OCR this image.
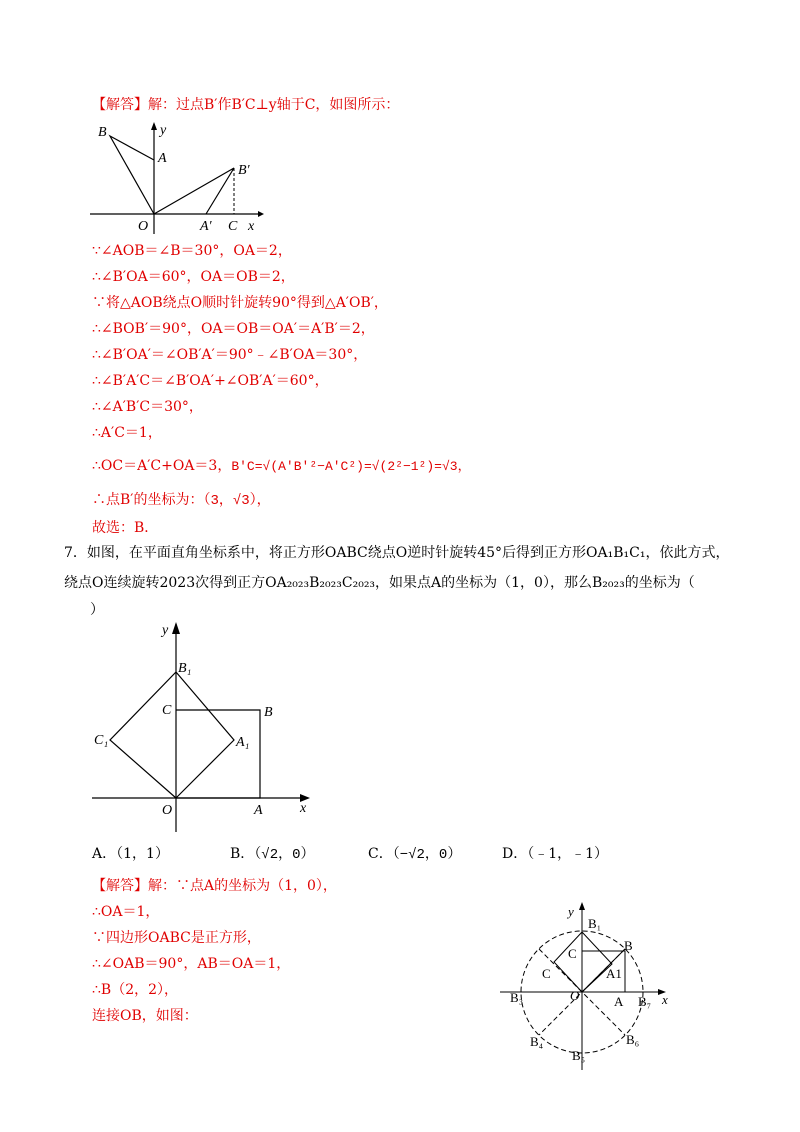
【解答】解：过点B′作B′C⊥y轴于C，如图所示：
B
A
y
B′
O	A′ C x
∵∠AOB＝∠B＝30°，OA＝2，
∴∠B′OA＝60°，OA＝OB＝2，
∵将△AOB绕点O顺时针旋转90°得到△A′OB′，
∴∠BOB′＝90°，OA＝OB＝OA′＝A′B′＝2，
∴∠B′OA′＝∠OB′A′＝90°﹣∠B′OA＝30°，
∴∠B′A′C＝∠B′OA′+∠OB′A′＝60°，
∴∠A′B′C＝30°，
∴A′C＝1，
∴OC＝A′C+OA＝3，B′C=√(A′B′²−A′C²)=√(2²−1²)=√3，
∴点B′的坐标为：（3，√3），
故选：B．
7．如图，在平面直角坐标系中，将正方形OABC绕点O逆时针旋转45°后得到正方形OA₁B₁C₁，依此方式，
绕点O连续旋转2023次得到正方OA₂₀₂₃B₂₀₂₃C₂₀₂₃，如果点A的坐标为（1，0），那么B₂₀₂₃的坐标为（
）
y
B₁
C	B
C₁	A₁
O	A	x
A．（1，1）	B．（√2，0）	C．（−√2，0）	D．（﹣1，﹣1）
【解答】解：∵点A的坐标为（1，0），
∴OA＝1，
∵四边形OABC是正方形，
∴∠OAB＝90°，AB＝OA＝1，
∴B（2，2），
连接OB，如图：
y
B₁
B
C
C	A1
B₃	O	A B₇ x
B₄	B₆
B₅
